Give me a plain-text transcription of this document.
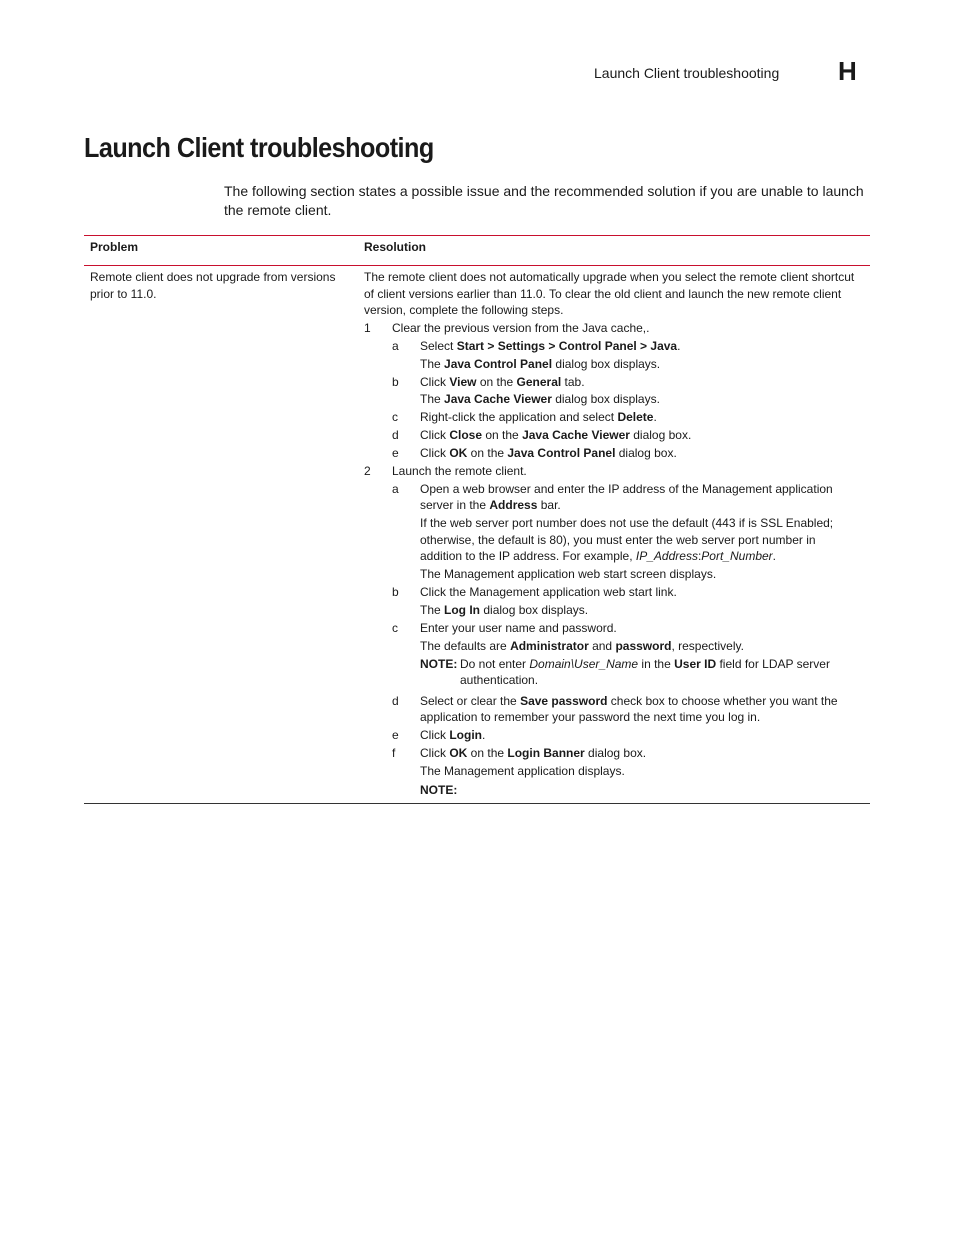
Launch Client troubleshooting H
Launch Client troubleshooting
The following section states a possible issue and the recommended solution if you are unable to launch the remote client.
Problem	Resolution
Remote client does not upgrade from versions prior to 11.0.

The remote client does not automatically upgrade when you select the remote client shortcut of client versions earlier than 11.0. To clear the old client and launch the new remote client version, complete the following steps.

1 Clear the previous version from the Java cache,.
a Select Start > Settings > Control Panel > Java.
The Java Control Panel dialog box displays.
b Click View on the General tab.
The Java Cache Viewer dialog box displays.
c Right-click the application and select Delete.
d Click Close on the Java Cache Viewer dialog box.
e Click OK on the Java Control Panel dialog box.
2 Launch the remote client.
a Open a web browser and enter the IP address of the Management application
server in the Address bar.
If the web server port number does not use the default (443 if is SSL Enabled;
otherwise, the default is 80), you must enter the web server port number in
addition to the IP address. For example, IP_Address:Port_Number.
The Management application web start screen displays.
b Click the Management application web start link.
The Log In dialog box displays.
c Enter your user name and password.
The defaults are Administrator and password, respectively.
NOTE: Do not enter Domain\User_Name in the User ID field for LDAP server
authentication.
d Select or clear the Save password check box to choose whether you want the
application to remember your password the next time you log in.
e Click Login.
f Click OK on the Login Banner dialog box.
The Management application displays.
NOTE:
